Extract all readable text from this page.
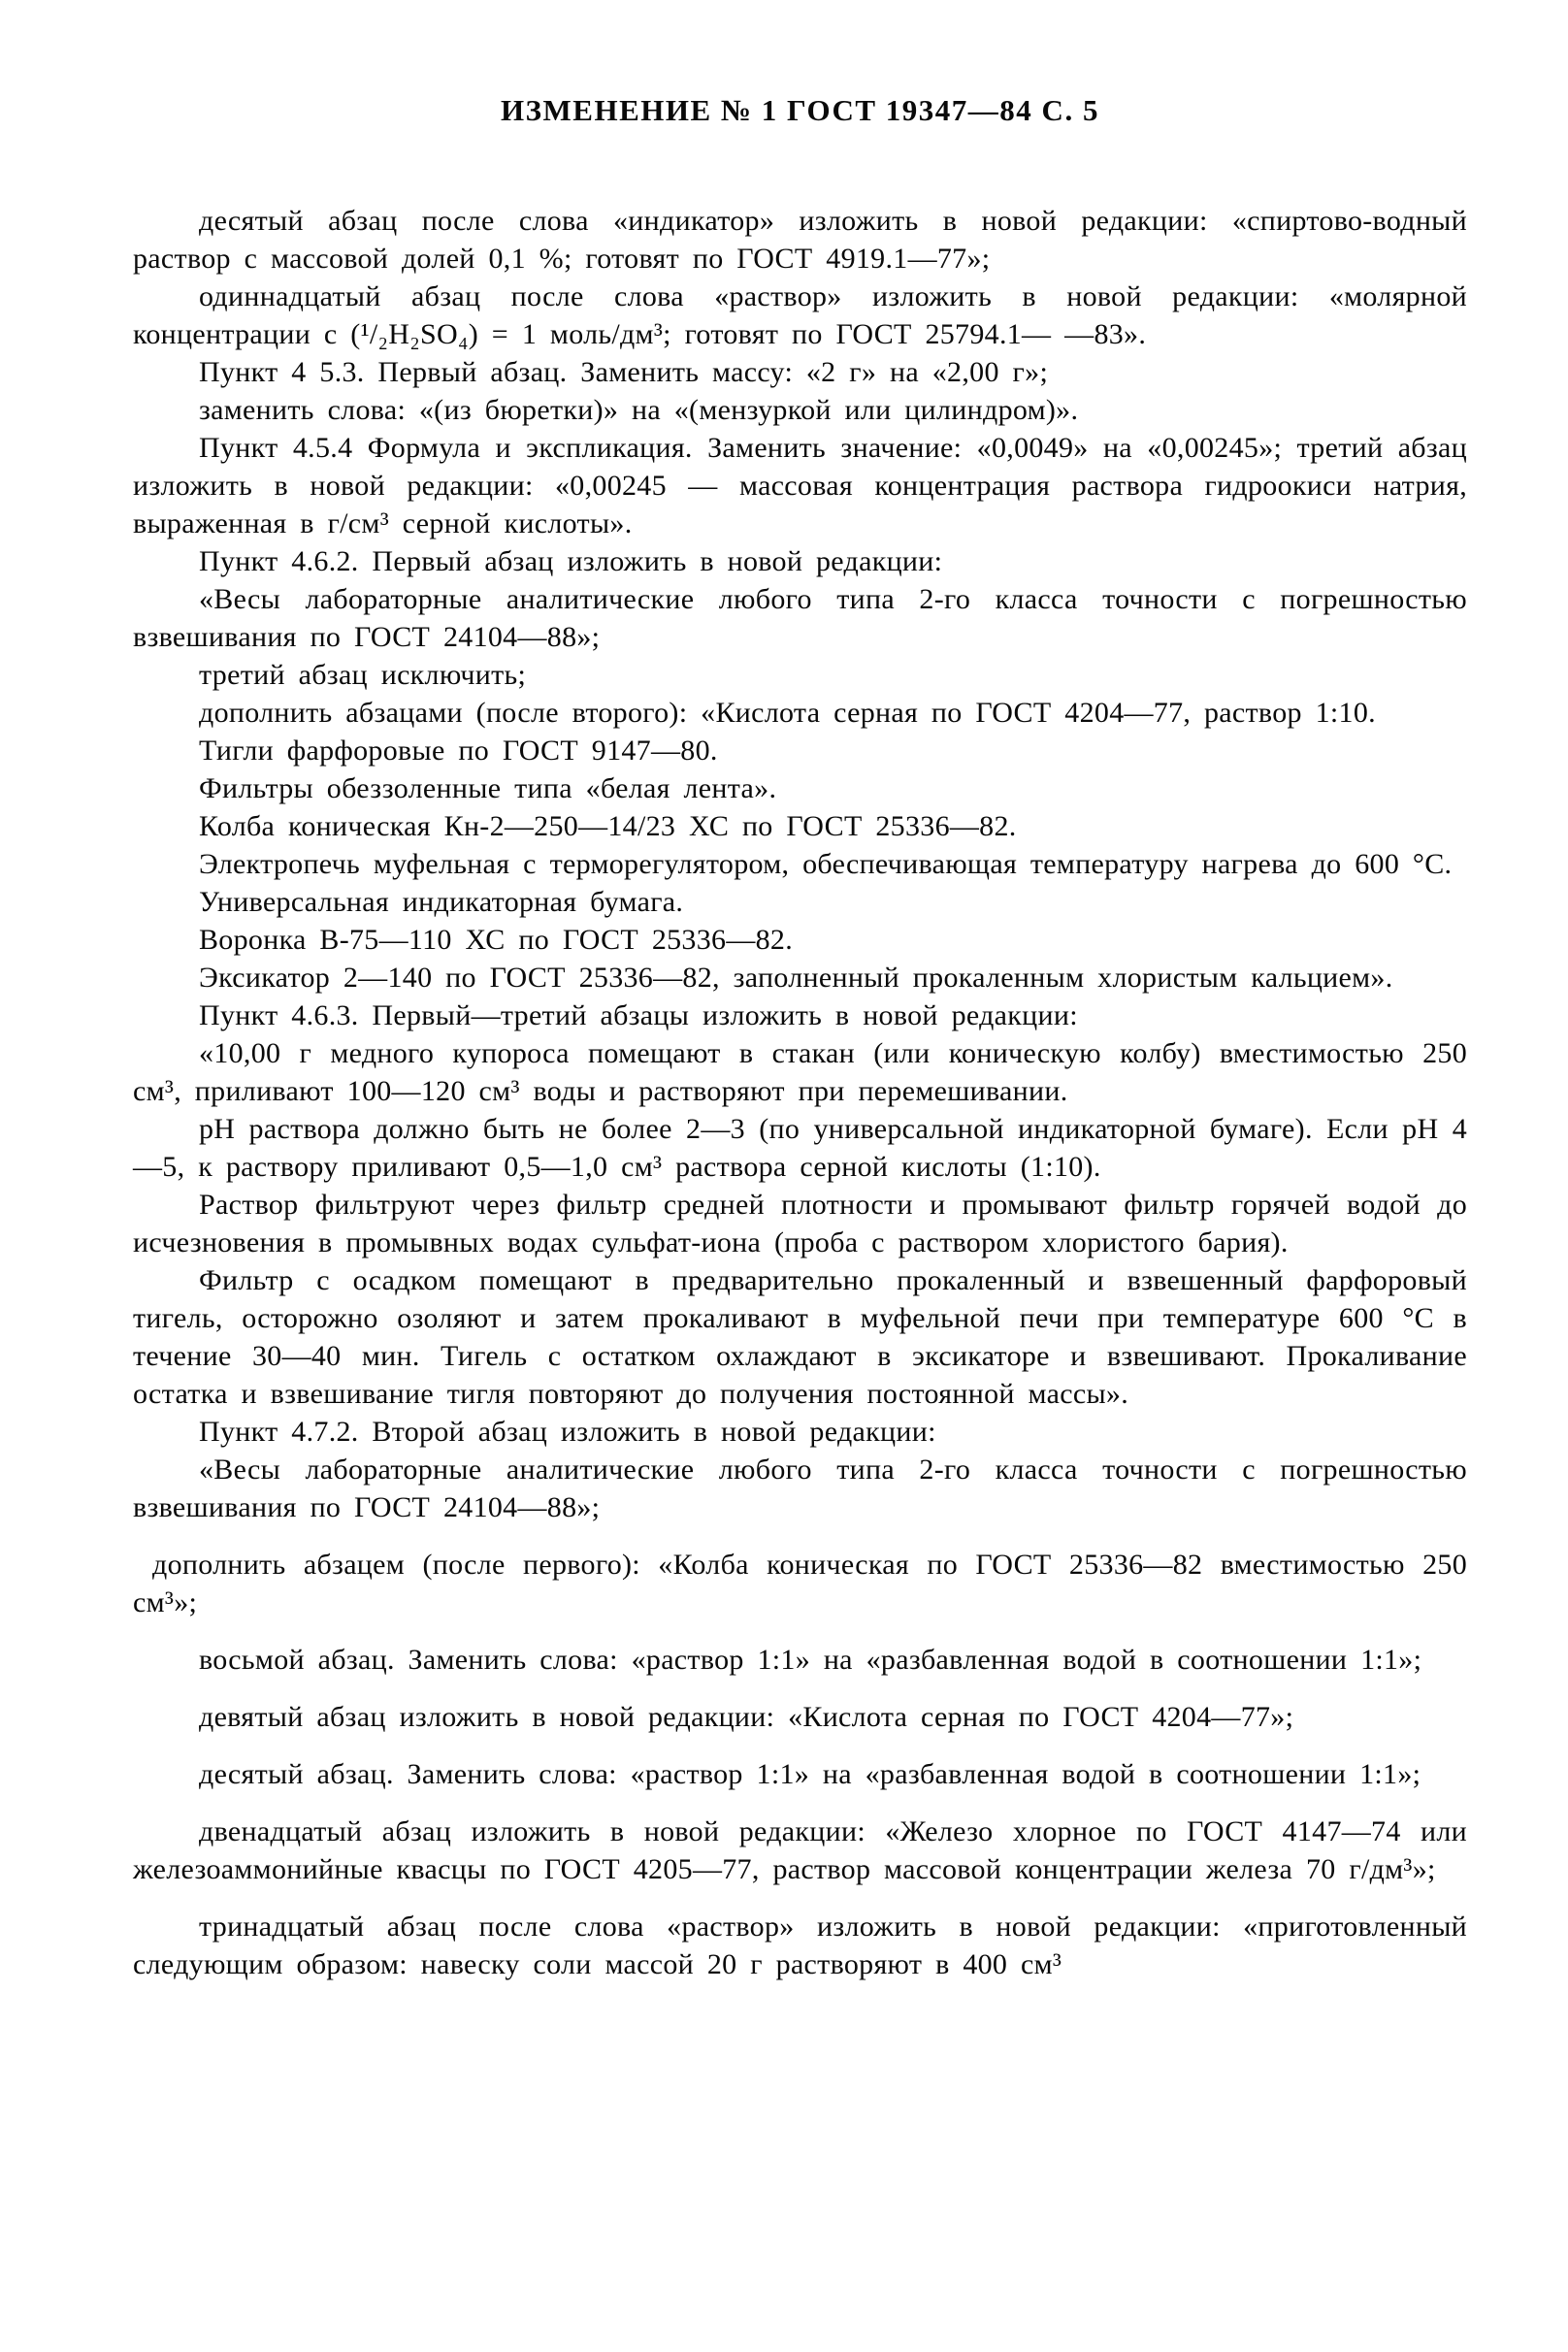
ИЗМЕНЕНИЕ № 1 ГОСТ 19347—84 С. 5

десятый абзац после слова «индикатор» изложить в новой редакции: «спиртово-водный раствор с массовой долей 0,1 %; готовят по ГОСТ 4919.1—77»;

одиннадцатый абзац после слова «раствор» изложить в новой редакции: «молярной концентрации с (¹/₂H₂SO₄) = 1 моль/дм³; готовят по ГОСТ 25794.1— —83».

Пункт 4 5.3. Первый абзац. Заменить массу: «2 г» на «2,00 г»;

заменить слова: «(из бюретки)» на «(мензуркой или цилиндром)».

Пункт 4.5.4 Формула и экспликация. Заменить значение: «0,0049» на «0,00245»; третий абзац изложить в новой редакции: «0,00245 — массовая концентрация раствора гидроокиси натрия, выраженная в г/см³ серной кислоты».

Пункт 4.6.2. Первый абзац изложить в новой редакции:

«Весы лабораторные аналитические любого типа 2-го класса точности с погрешностью взвешивания по ГОСТ 24104—88»;

третий абзац исключить;

дополнить абзацами (после второго): «Кислота серная по ГОСТ 4204—77, раствор 1:10.

Тигли фарфоровые по ГОСТ 9147—80.

Фильтры обеззоленные типа «белая лента».

Колба коническая Кн-2—250—14/23 ХС по ГОСТ 25336—82.

Электропечь муфельная с терморегулятором, обеспечивающая температуру нагрева до 600 °С.

Универсальная индикаторная бумага.

Воронка В-75—110 ХС по ГОСТ 25336—82.

Эксикатор 2—140 по ГОСТ 25336—82, заполненный прокаленным хлористым кальцием».

Пункт 4.6.3. Первый—третий абзацы изложить в новой редакции:

«10,00 г медного купороса помещают в стакан (или коническую колбу) вместимостью 250 см³, приливают 100—120 см³ воды и растворяют при перемешивании.

рН раствора должно быть не более 2—3 (по универсальной индикаторной бумаге). Если рН 4—5, к раствору приливают 0,5—1,0 см³ раствора серной кислоты (1:10).

Раствор фильтруют через фильтр средней плотности и промывают фильтр горячей водой до исчезновения в промывных водах сульфат-иона (проба с раствором хлористого бария).

Фильтр с осадком помещают в предварительно прокаленный и взвешенный фарфоровый тигель, осторожно озоляют и затем прокаливают в муфельной печи при температуре 600 °С в течение 30—40 мин. Тигель с остатком охлаждают в эксикаторе и взвешивают. Прокаливание остатка и взвешивание тигля повторяют до получения постоянной массы».

Пункт 4.7.2. Второй абзац изложить в новой редакции:

«Весы лабораторные аналитические любого типа 2-го класса точности с погрешностью взвешивания по ГОСТ 24104—88»;

дополнить абзацем (после первого): «Колба коническая по ГОСТ 25336—82 вместимостью 250 см³»;

восьмой абзац. Заменить слова: «раствор 1:1» на «разбавленная водой в соотношении 1:1»;

девятый абзац изложить в новой редакции: «Кислота серная по ГОСТ 4204—77»;

десятый абзац. Заменить слова: «раствор 1:1» на «разбавленная водой в соотношении 1:1»;

двенадцатый абзац изложить в новой редакции: «Железо хлорное по ГОСТ 4147—74 или железоаммонийные квасцы по ГОСТ 4205—77, раствор массовой концентрации железа 70 г/дм³»;

тринадцатый абзац после слова «раствор» изложить в новой редакции: «приготовленный следующим образом: навеску соли массой 20 г растворяют в 400 см³
